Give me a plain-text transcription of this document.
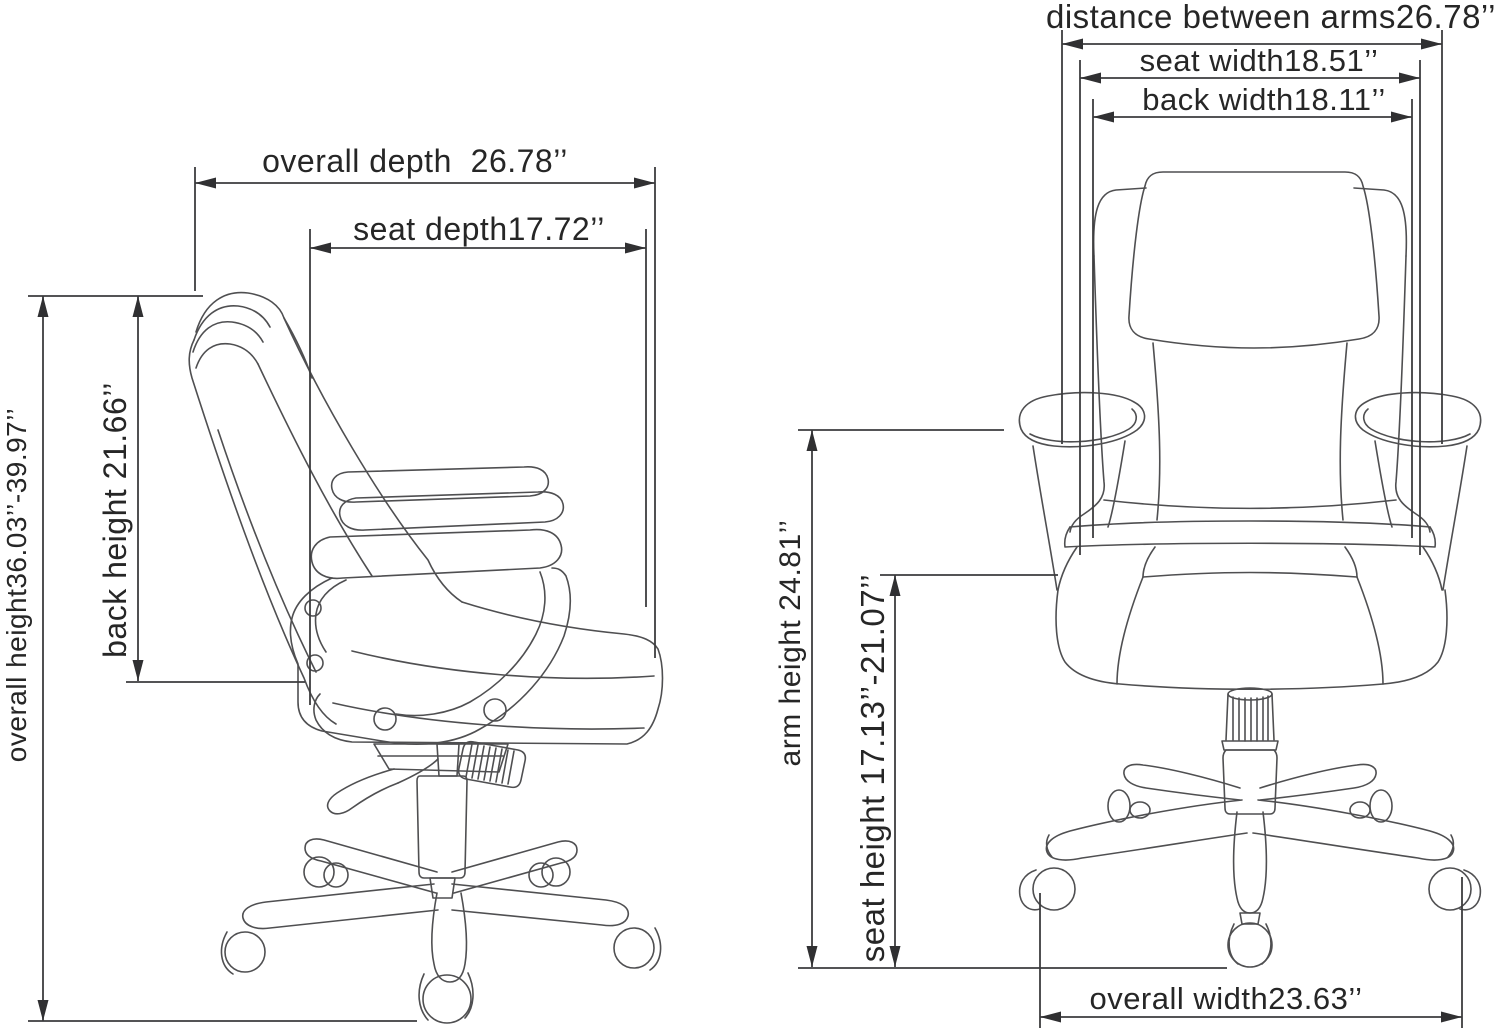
overall depth  26.78’’
seat depth17.72’’
overall height36.03’’-39.97’’ back height 21.66’’
distance between arms26.78’’
seat width18.51’’
back width18.11’’
arm height 24.81’’ seat height 17.13’’-21.07’’
overall width23.63’’
